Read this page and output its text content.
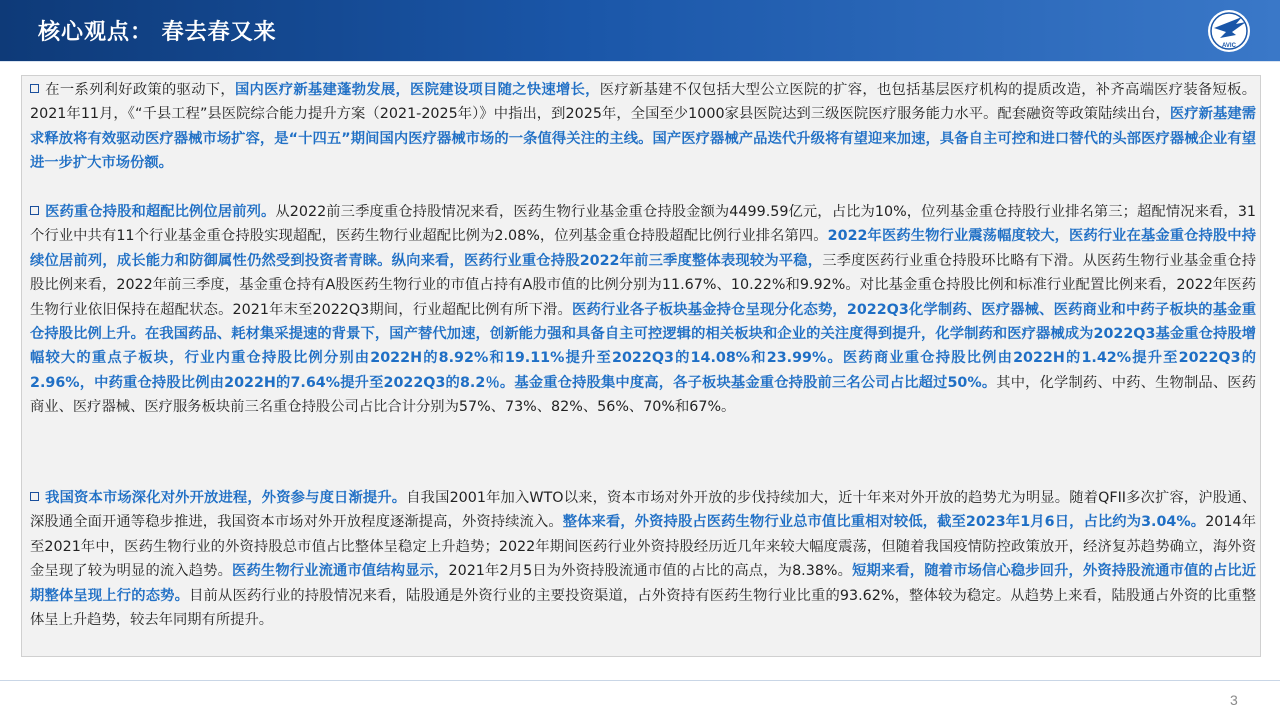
核心观点： 春去春又来
AVIC
在一系列利好政策的驱动下，国内医疗新基建蓬勃发展，医院建设项目随之快速增长，医疗新基建不仅包括大型公立医院的扩容，也包括基层医疗机构的提质改造，补齐高端医疗装备短板。2021年11月，《“千县工程”县医院综合能力提升方案（2021-2025年）》中指出，到2025年，全国至少1000家县医院达到三级医院医疗服务能力水平。配套融资等政策陆续出台，医疗新基建需求释放将有效驱动医疗器械市场扩容，是“十四五”期间国内医疗器械市场的一条值得关注的主线。国产医疗器械产品迭代升级将有望迎来加速，具备自主可控和进口替代的头部医疗器械企业有望进一步扩大市场份额。
医药重仓持股和超配比例位居前列。从2022前三季度重仓持股情况来看，医药生物行业基金重仓持股金额为4499.59亿元，占比为10%，位列基金重仓持股行业排名第三；超配情况来看，31个行业中共有11个行业基金重仓持股实现超配，医药生物行业超配比例为2.08%，位列基金重仓持股超配比例行业排名第四。2022年医药生物行业震荡幅度较大，医药行业在基金重仓持股中持续位居前列，成长能力和防御属性仍然受到投资者青睐。纵向来看，医药行业重仓持股2022年前三季度整体表现较为平稳，三季度医药行业重仓持股环比略有下滑。从医药生物行业基金重仓持股比例来看，2022年前三季度，基金重仓持有A股医药生物行业的市值占持有A股市值的比例分别为11.67%、10.22%和9.92%。对比基金重仓持股比例和标准行业配置比例来看，2022年医药生物行业依旧保持在超配状态。2021年末至2022Q3期间，行业超配比例有所下滑。医药行业各子板块基金持仓呈现分化态势，2022Q3化学制药、医疗器械、医药商业和中药子板块的基金重仓持股比例上升。在我国药品、耗材集采提速的背景下，国产替代加速，创新能力强和具备自主可控逻辑的相关板块和企业的关注度得到提升，化学制药和医疗器械成为2022Q3基金重仓持股增幅较大的重点子板块，行业内重仓持股比例分别由2022H的8.92%和19.11%提升至2022Q3的14.08%和23.99%。医药商业重仓持股比例由2022H的1.42%提升至2022Q3的2.96%，中药重仓持股比例由2022H的7.64%提升至2022Q3的8.2％。基金重仓持股集中度高，各子板块基金重仓持股前三名公司占比超过50%。其中，化学制药、中药、生物制品、医药商业、医疗器械、医疗服务板块前三名重仓持股公司占比合计分别为57%、73%、82%、56%、70%和67%。
我国资本市场深化对外开放进程，外资参与度日渐提升。自我国2001年加入WTO以来，资本市场对外开放的步伐持续加大，近十年来对外开放的趋势尤为明显。随着QFII多次扩容，沪股通、深股通全面开通等稳步推进，我国资本市场对外开放程度逐渐提高，外资持续流入。整体来看，外资持股占医药生物行业总市值比重相对较低，截至2023年1月6日，占比约为3.04%。2014年至2021年中，医药生物行业的外资持股总市值占比整体呈稳定上升趋势；2022年期间医药行业外资持股经历近几年来较大幅度震荡，但随着我国疫情防控政策放开，经济复苏趋势确立，海外资金呈现了较为明显的流入趋势。医药生物行业流通市值结构显示，2021年2月5日为外资持股流通市值的占比的高点，为8.38%。短期来看，随着市场信心稳步回升，外资持股流通市值的占比近期整体呈现上行的态势。目前从医药行业的持股情况来看，陆股通是外资行业的主要投资渠道，占外资持有医药生物行业比重的93.62%，整体较为稳定。从趋势上来看，陆股通占外资的比重整体呈上升趋势，较去年同期有所提升。
3
